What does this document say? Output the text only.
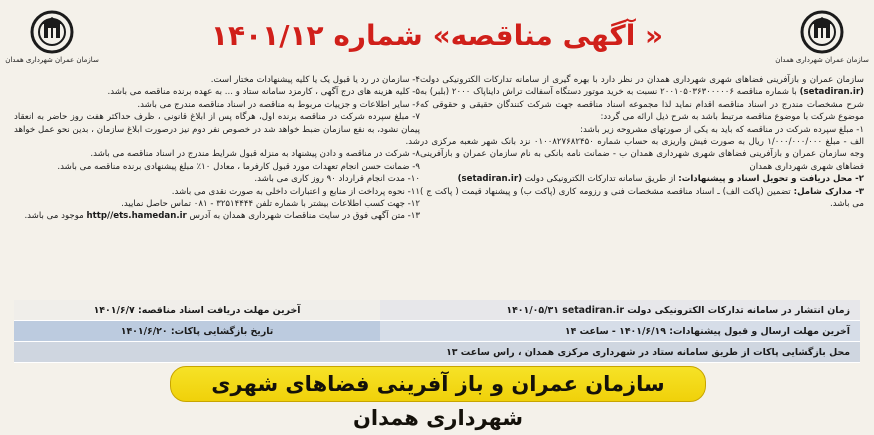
سازمان عمران شهرداری همدان
سازمان عمران شهرداری همدان
« آگهی مناقصه» شماره ۱۴۰۱/۱۲

سازمان عمران و بازآفرینی فضاهای شهری شهرداری همدان در نظر دارد با بهره گیری از سامانه تدارکات الکترونیکی دولت (setadiran.ir) با شماره مناقصه ۲۰۰۱۰۵۰۳۶۳۰۰۰۰۰۶ نسبت به خرید موتور دستگاه آسفالت تراش دایناپاک ۲۰۰۰ (بلبر) به شرح مشخصات مندرج در اسناد مناقصه اقدام نماید لذا مجموعه اسناد مناقصه جهت شرکت کنندگان حقیقی و حقوقی که موضوع شرکت با موضوع مناقصه مرتبط باشد به شرح ذیل ارائه می گردد:

۱- مبلغ سپرده شرکت در مناقصه که باید به یکی از صورتهای مشروحه زیر باشد:

الف - مبلغ ۱/۰۰۰/۰۰۰/۰۰۰ ریال به صورت فیش واریزی به حساب شماره ۰۱۰۰۸۲۷۶۸۲۴۵۰ نزد بانک شهر شعبه مرکزی در وجه سازمان عمران و بازآفرینی فضاهای شهری شهرداری همدان ب - ضمانت نامه بانکی به نام سازمان عمران و بازآفرینی فضاهای شهری شهرداری همدان

۲- محل دریافت و تحویل اسناد و پیشنهادات: از طریق سامانه تدارکات الکترونیکی دولت (setadiran.ir)

۳- مدارک شامل: تضمین (پاکت الف) ـ اسناد مناقصه مشخصات فنی و رزومه کاری (پاکت ب) و پیشنهاد قیمت ( پاکت ج ) می باشد.

۴- سازمان در رد یا قبول یک یا کلیه پیشنهادات مختار است.

۵- کلیه هزینه های درج آگهی ، کارمزد سامانه ستاد و ... به عهده برنده مناقصه می باشد.

۶- سایر اطلاعات و جزییات مربوط به مناقصه در اسناد مناقصه مندرج می باشد.

۷- مبلغ سپرده شرکت در مناقصه برنده اول، هرگاه پس از ابلاغ قانونی ، ظرف حداکثر هفت روز حاضر به انعقاد پیمان نشود، به نفع سازمان ضبط خواهد شد در خصوص نفر دوم نیز درصورت ابلاغ سازمان ، بدین نحو عمل خواهد شد.

۸- شرکت در مناقصه و دادن پیشنهاد به منزله قبول شرایط مندرج در اسناد مناقصه می باشد.

۹- ضمانت حسن انجام تعهدات مورد قبول کارفرما ، معادل ۱۰٪ مبلغ پیشنهادی برنده مناقصه می باشد.

۱۰- مدت انجام قرارداد ۹۰ روز کاری می باشد.

۱۱- نحوه پرداخت از منابع و اعتبارات داخلی به صورت نقدی می باشد.

۱۲- جهت کسب اطلاعات بیشتر با شماره تلفن ۳۲۵۱۴۴۴۴ - ۰۸۱ تماس حاصل نمایید.

۱۳- متن آگهی فوق در سایت مناقصات شهرداری همدان به آدرس http//ets.hamedan.ir موجود می باشد.

زمان انتشار در سامانه تدارکات الکترونیکی دولت

setadiran.ir

۱۴۰۱/۰۵/۳۱
آخرین مهلت دریافت اسناد مناقصه: ۱۴۰۱/۶/۷
آخرین مهلت ارسال و قبول پیشنهادات: ۱۴۰۱/۶/۱۹ - ساعت ۱۴
تاریخ بازگشایی پاکات: ۱۴۰۱/۶/۲۰
محل بازگشایی پاکات از طریق سامانه ستاد در شهرداری مرکزی همدان ، راس ساعت ۱۳
سازمان عمران و باز آفرینی فضاهای شهری شهرداری همدان
